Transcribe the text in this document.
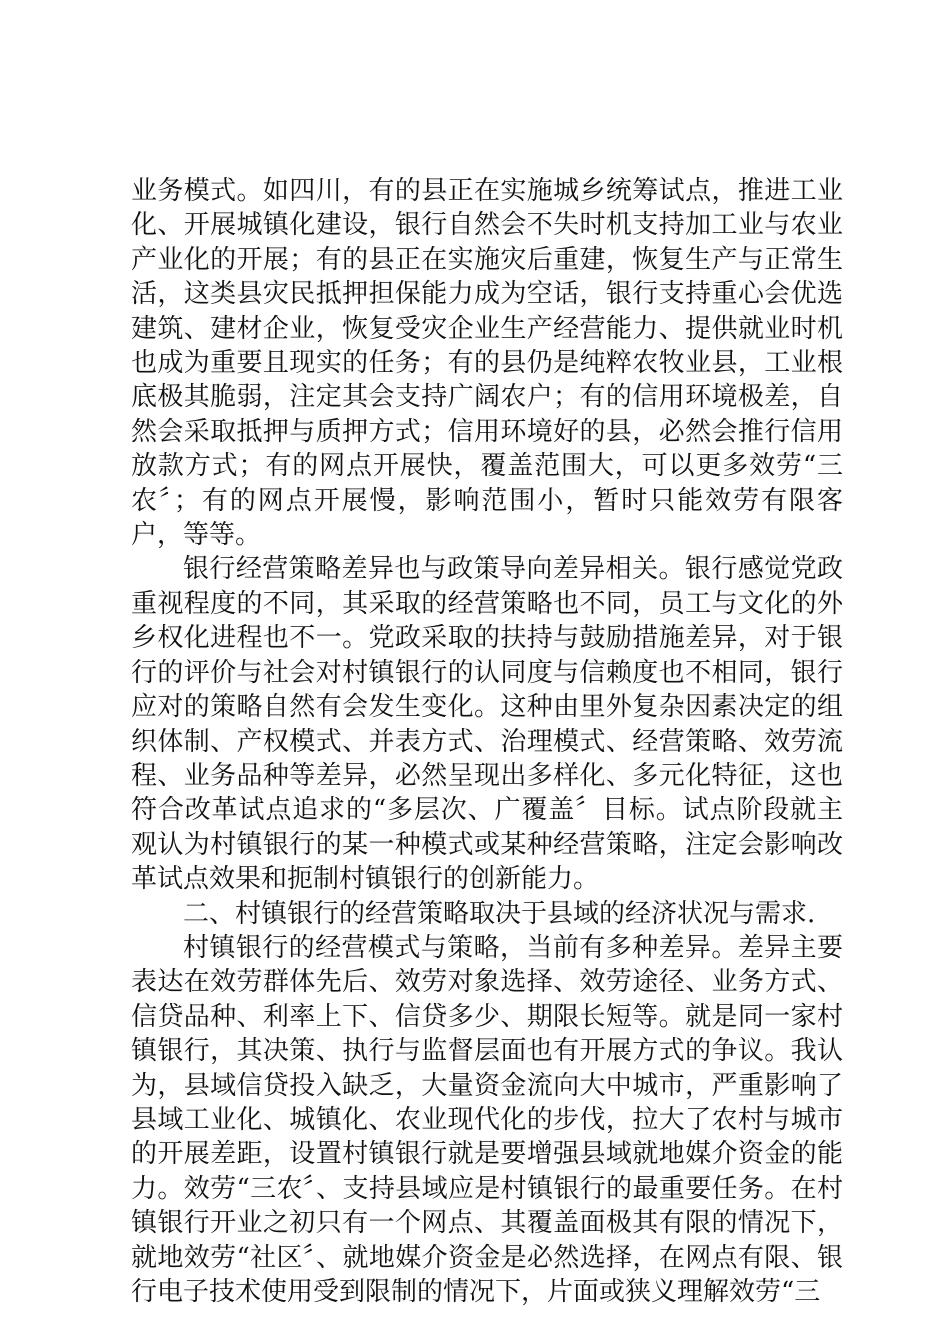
业务模式。如四川，有的县正在实施城乡统筹试点，推进工业化、开展城镇化建设，银行自然会不失时机支持加工业与农业产业化的开展；有的县正在实施灾后重建，恢复生产与正常生活，这类县灾民抵押担保能力成为空话，银行支持重心会优选建筑、建材企业，恢复受灾企业生产经营能力、提供就业时机也成为重要且现实的任务；有的县仍是纯粹农牧业县，工业根底极其脆弱，注定其会支持广阔农户；有的信用环境极差，自然会采取抵押与质押方式；信用环境好的县，必然会推行信用放款方式；有的网点开展快，覆盖范围大，可以更多效劳“三农〞；有的网点开展慢，影响范围小，暂时只能效劳有限客户，等等。

银行经营策略差异也与政策导向差异相关。银行感觉党政重视程度的不同，其采取的经营策略也不同，员工与文化的外乡权化进程也不一。党政采取的扶持与鼓励措施差异，对于银行的评价与社会对村镇银行的认同度与信赖度也不相同，银行应对的策略自然有会发生变化。这种由里外复杂因素决定的组织体制、产权模式、并表方式、治理模式、经营策略、效劳流程、业务品种等差异，必然呈现出多样化、多元化特征，这也符合改革试点追求的“多层次、广覆盖〞目标。试点阶段就主观认为村镇银行的某一种模式或某种经营策略，注定会影响改革试点效果和扼制村镇银行的创新能力。

二、村镇银行的经营策略取决于县域的经济状况与需求.

村镇银行的经营模式与策略，当前有多种差异。差异主要表达在效劳群体先后、效劳对象选择、效劳途径、业务方式、信贷品种、利率上下、信贷多少、期限长短等。就是同一家村镇银行，其决策、执行与监督层面也有开展方式的争议。我认为，县域信贷投入缺乏，大量资金流向大中城市，严重影响了县域工业化、城镇化、农业现代化的步伐，拉大了农村与城市的开展差距，设置村镇银行就是要增强县域就地媒介资金的能力。效劳“三农〞、支持县域应是村镇银行的最重要任务。在村镇银行开业之初只有一个网点、其覆盖面极其有限的情况下，就地效劳“社区〞、就地媒介资金是必然选择，在网点有限、银行电子技术使用受到限制的情况下，片面或狭义理解效劳“三
